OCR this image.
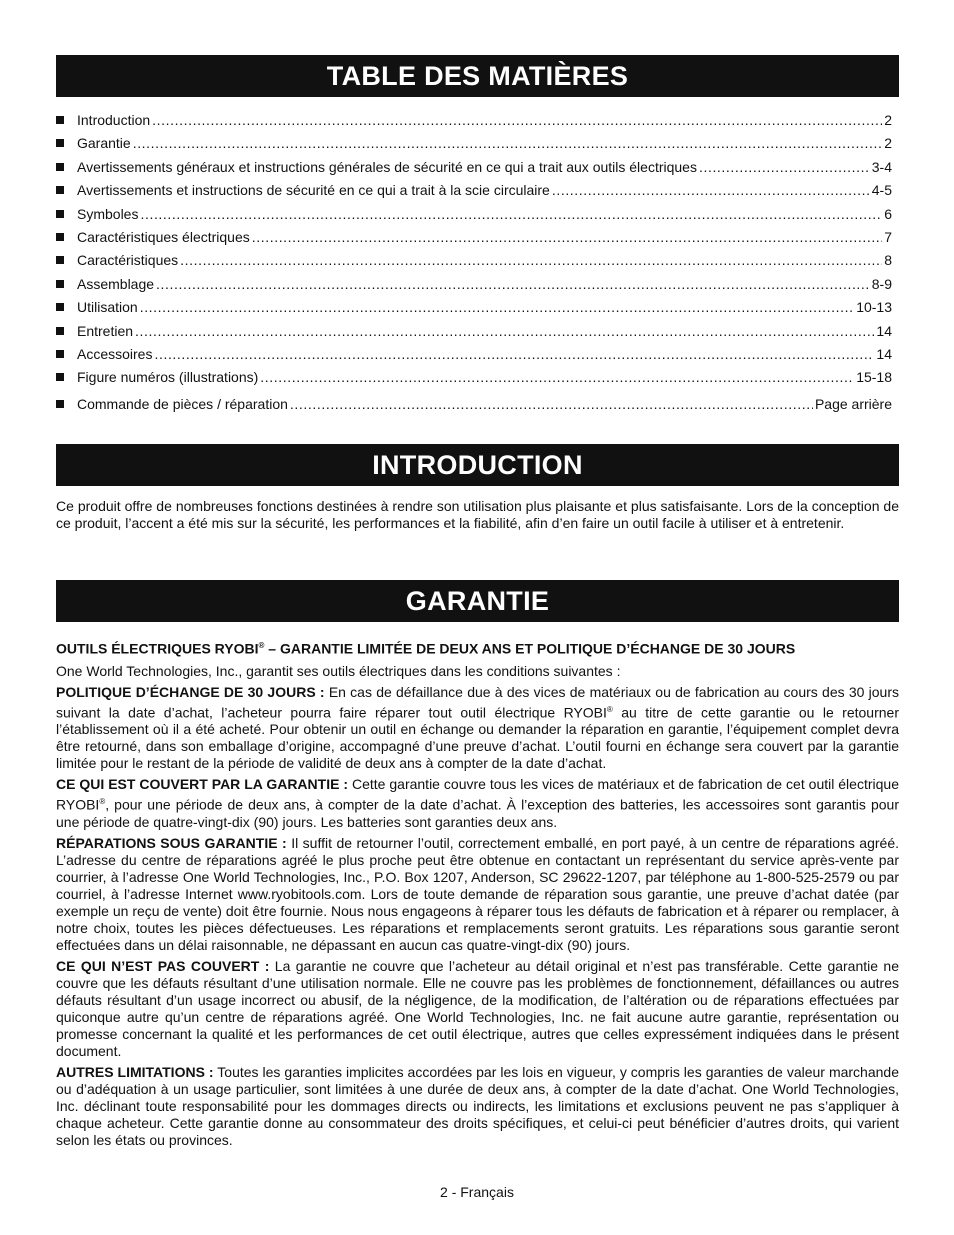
TABLE DES MATIÈRES
Introduction .....	2
Garantie .....	2
Avertissements généraux et instructions générales de sécurité en ce qui a trait aux outils électriques .....	3-4
Avertissements et instructions de sécurité en ce qui a trait à la scie circulaire .....	4-5
Symboles .....	6
Caractéristiques électriques .....	7
Caractéristiques .....	8
Assemblage .....	8-9
Utilisation .....	10-13
Entretien .....	14
Accessoires .....	14
Figure numéros (illustrations) .....	15-18
Commande de pièces / réparation .....	Page arrière
INTRODUCTION

Ce produit offre de nombreuses fonctions destinées à rendre son utilisation plus plaisante et plus satisfaisante. Lors de la conception de ce produit, l’accent a été mis sur la sécurité, les performances et la fiabilité, afin d’en faire un outil facile à utiliser et à entretenir.

GARANTIE

OUTILS ÉLECTRIQUES RYOBI® – GARANTIE LIMITÉE DE DEUX ANS ET POLITIQUE D’ÉCHANGE DE 30 JOURS

One World Technologies, Inc., garantit ses outils électriques dans les conditions suivantes :

POLITIQUE D’ÉCHANGE DE 30 JOURS : En cas de défaillance due à des vices de matériaux ou de fabrication au cours des 30 jours suivant la date d’achat, l’acheteur pourra faire réparer tout outil électrique RYOBI® au titre de cette garantie ou le retourner l’établissement où il a été acheté. Pour obtenir un outil en échange ou demander la réparation en garantie, l’équipement complet devra être retourné, dans son emballage d’origine, accompagné d’une preuve d’achat. L’outil fourni en échange sera couvert par la garantie limitée pour le restant de la période de validité de deux ans à compter de la date d’achat.

CE QUI EST COUVERT PAR LA GARANTIE : Cette garantie couvre tous les vices de matériaux et de fabrication de cet outil électrique RYOBI®, pour une période de deux ans, à compter de la date d’achat. À l’exception des batteries, les accessoires sont garantis pour une période de quatre-vingt-dix (90) jours. Les batteries sont garanties deux ans.

RÉPARATIONS SOUS GARANTIE : Il suffit de retourner l’outil, correctement emballé, en port payé, à un centre de réparations agréé. L’adresse du centre de réparations agréé le plus proche peut être obtenue en contactant un représentant du service après-vente par courrier, à l’adresse One World Technologies, Inc., P.O. Box 1207, Anderson, SC 29622-1207, par téléphone au 1-800-525-2579 ou par courriel, à l’adresse Internet www.ryobitools.com. Lors de toute demande de réparation sous garantie, une preuve d’achat datée (par exemple un reçu de vente) doit être fournie. Nous nous engageons à réparer tous les défauts de fabrication et à réparer ou remplacer, à notre choix, toutes les pièces défectueuses. Les réparations et remplacements seront gratuits. Les réparations sous garantie seront effectuées dans un délai raisonnable, ne dépassant en aucun cas quatre-vingt-dix (90) jours.

CE QUI N’EST PAS COUVERT : La garantie ne couvre que l’acheteur au détail original et n’est pas transférable. Cette garantie ne couvre que les défauts résultant d’une utilisation normale. Elle ne couvre pas les problèmes de fonctionnement, défaillances ou autres défauts résultant d’un usage incorrect ou abusif, de la négligence, de la modification, de l’altération ou de réparations effectuées par quiconque autre qu’un centre de réparations agréé. One World Technologies, Inc. ne fait aucune autre garantie, représentation ou promesse concernant la qualité et les performances de cet outil électrique, autres que celles expressément indiquées dans le présent document.

AUTRES LIMITATIONS : Toutes les garanties implicites accordées par les lois en vigueur, y compris les garanties de valeur marchande ou d’adéquation à un usage particulier, sont limitées à une durée de deux ans, à compter de la date d’achat. One World Technologies, Inc. déclinant toute responsabilité pour les dommages directs ou indirects, les limitations et exclusions peuvent ne pas s’appliquer à chaque acheteur. Cette garantie donne au consommateur des droits spécifiques, et celui-ci peut bénéficier d’autres droits, qui varient selon les états ou provinces.

2 - Français
